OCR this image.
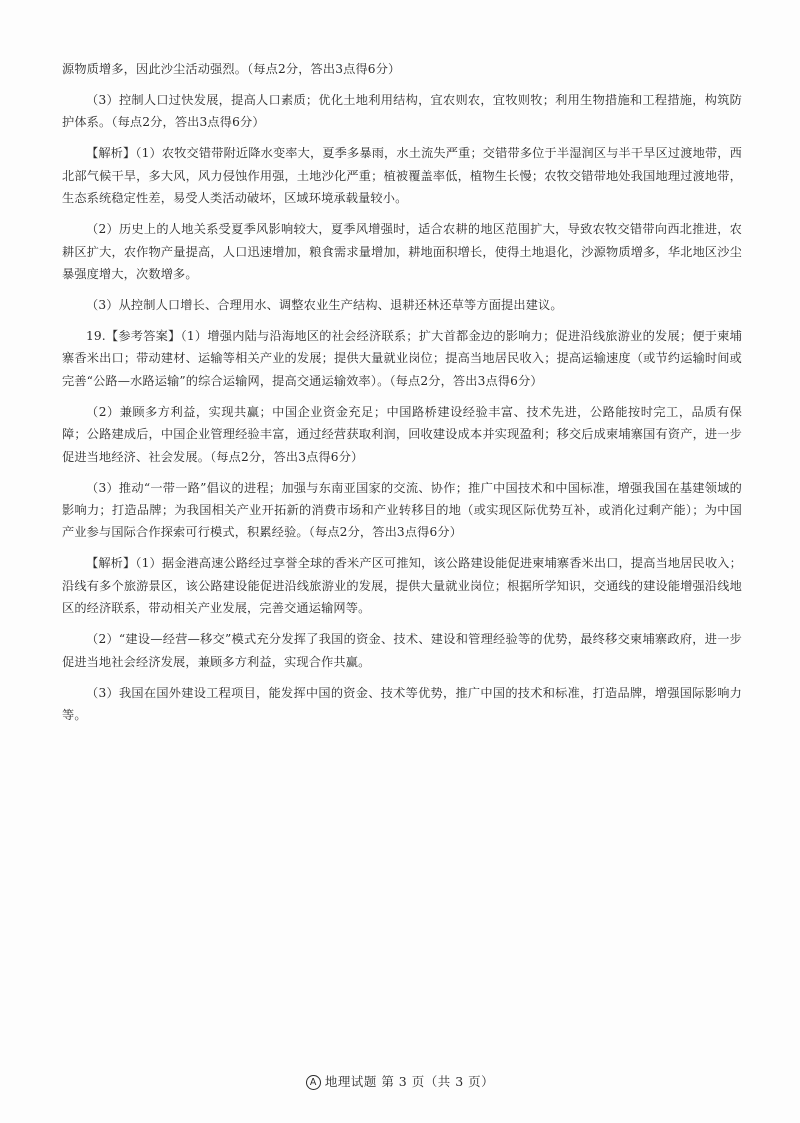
源物质增多，因此沙尘活动强烈。（每点2分，答出3点得6分）

（3）控制人口过快发展，提高人口素质；优化土地利用结构，宜农则农，宜牧则牧；利用生物措施和工程措施，构筑防护体系。（每点2分，答出3点得6分）

【解析】（1）农牧交错带附近降水变率大，夏季多暴雨，水土流失严重；交错带多位于半湿润区与半干旱区过渡地带，西北部气候干旱，多大风，风力侵蚀作用强，土地沙化严重；植被覆盖率低，植物生长慢；农牧交错带地处我国地理过渡地带，生态系统稳定性差，易受人类活动破坏，区域环境承载量较小。

（2）历史上的人地关系受夏季风影响较大，夏季风增强时，适合农耕的地区范围扩大，导致农牧交错带向西北推进，农耕区扩大，农作物产量提高，人口迅速增加，粮食需求量增加，耕地面积增长，使得土地退化，沙源物质增多，华北地区沙尘暴强度增大，次数增多。

（3）从控制人口增长、合理用水、调整农业生产结构、退耕还林还草等方面提出建议。

19.【参考答案】（1）增强内陆与沿海地区的社会经济联系；扩大首都金边的影响力；促进沿线旅游业的发展；便于柬埔寨香米出口；带动建材、运输等相关产业的发展；提供大量就业岗位；提高当地居民收入；提高运输速度（或节约运输时间或完善“公路—水路运输”的综合运输网，提高交通运输效率）。（每点2分，答出3点得6分）

（2）兼顾多方利益，实现共赢；中国企业资金充足；中国路桥建设经验丰富、技术先进，公路能按时完工，品质有保障；公路建成后，中国企业管理经验丰富，通过经营获取利润，回收建设成本并实现盈利；移交后成柬埔寨国有资产，进一步促进当地经济、社会发展。（每点2分，答出3点得6分）

（3）推动“一带一路”倡议的进程；加强与东南亚国家的交流、协作；推广中国技术和中国标准，增强我国在基建领域的影响力；打造品牌；为我国相关产业开拓新的消费市场和产业转移目的地（或实现区际优势互补，或消化过剩产能）；为中国产业参与国际合作探索可行模式，积累经验。（每点2分，答出3点得6分）

【解析】（1）据金港高速公路经过享誉全球的香米产区可推知，该公路建设能促进柬埔寨香米出口，提高当地居民收入；沿线有多个旅游景区，该公路建设能促进沿线旅游业的发展，提供大量就业岗位；根据所学知识，交通线的建设能增强沿线地区的经济联系，带动相关产业发展，完善交通运输网等。

（2）“建设—经营—移交”模式充分发挥了我国的资金、技术、建设和管理经验等的优势，最终移交柬埔寨政府，进一步促进当地社会经济发展，兼顾多方利益，实现合作共赢。

（3）我国在国外建设工程项目，能发挥中国的资金、技术等优势，推广中国的技术和标准，打造品牌，增强国际影响力等。

A 地理试题 第 3 页（共 3 页）
